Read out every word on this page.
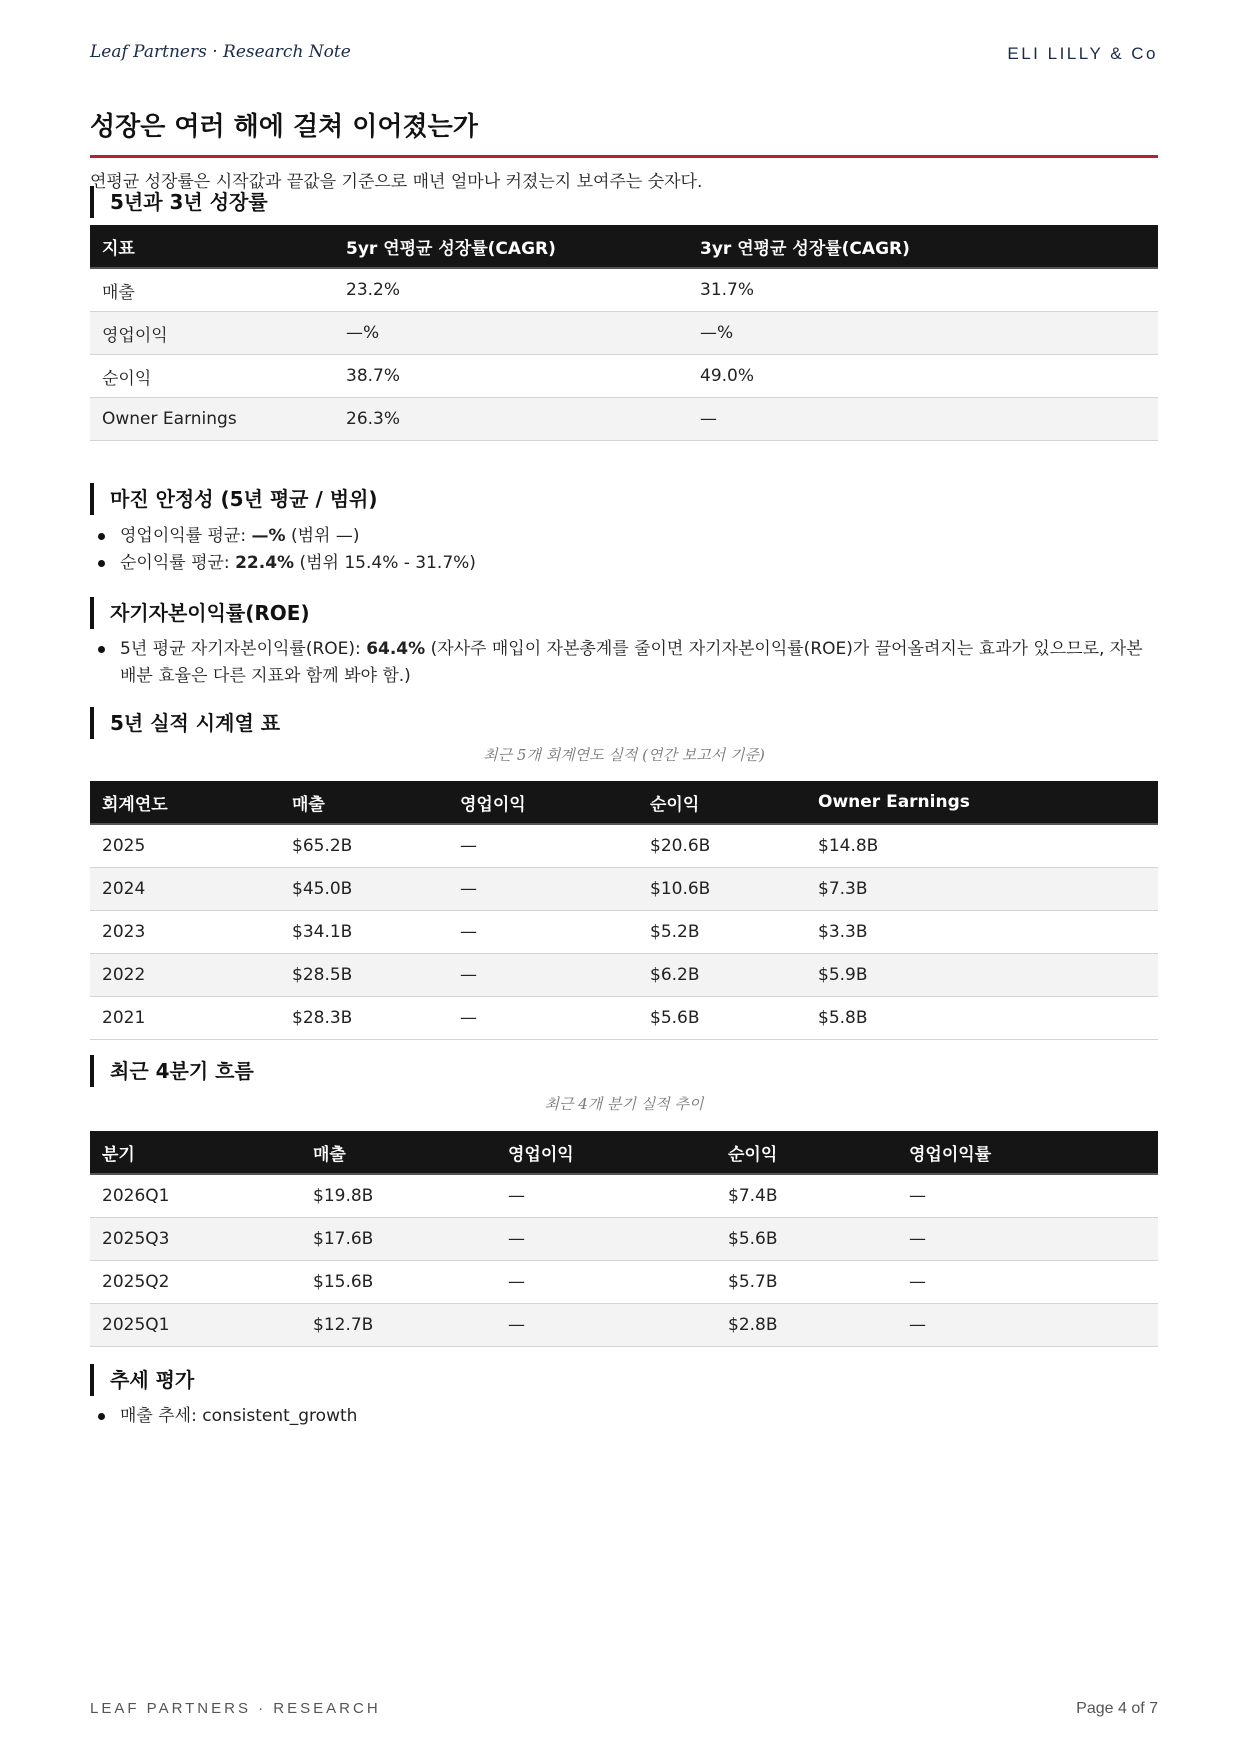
Leaf Partners · Research Note	ELI LILLY & Co
성장은 여러 해에 걸쳐 이어졌는가
연평균 성장률은 시작값과 끝값을 기준으로 매년 얼마나 커졌는지 보여주는 숫자다.
5년과 3년 성장률
지표	5yr 연평균 성장률(CAGR)	3yr 연평균 성장률(CAGR)
매출	23.2%	31.7%
영업이익	—%	—%
순이익	38.7%	49.0%
Owner Earnings	26.3%	—
마진 안정성 (5년 평균 / 범위)
영업이익률 평균: —% (범위 —)
순이익률 평균: 22.4% (범위 15.4% - 31.7%)
자기자본이익률(ROE)
5년 평균 자기자본이익률(ROE): 64.4% (자사주 매입이 자본총계를 줄이면 자기자본이익률(ROE)가 끌어올려지는 효과가 있으므로, 자본 배분 효율은 다른 지표와 함께 봐야 함.)
5년 실적 시계열 표
최근 5개 회계연도 실적 (연간 보고서 기준)
회계연도	매출	영업이익	순이익	Owner Earnings
2025	$65.2B	—	$20.6B	$14.8B
2024	$45.0B	—	$10.6B	$7.3B
2023	$34.1B	—	$5.2B	$3.3B
2022	$28.5B	—	$6.2B	$5.9B
2021	$28.3B	—	$5.6B	$5.8B
최근 4분기 흐름
최근 4개 분기 실적 추이
분기	매출	영업이익	순이익	영업이익률
2026Q1	$19.8B	—	$7.4B	—
2025Q3	$17.6B	—	$5.6B	—
2025Q2	$15.6B	—	$5.7B	—
2025Q1	$12.7B	—	$2.8B	—
추세 평가
매출 추세: consistent_growth
LEAF PARTNERS · RESEARCH	Page 4 of 7
